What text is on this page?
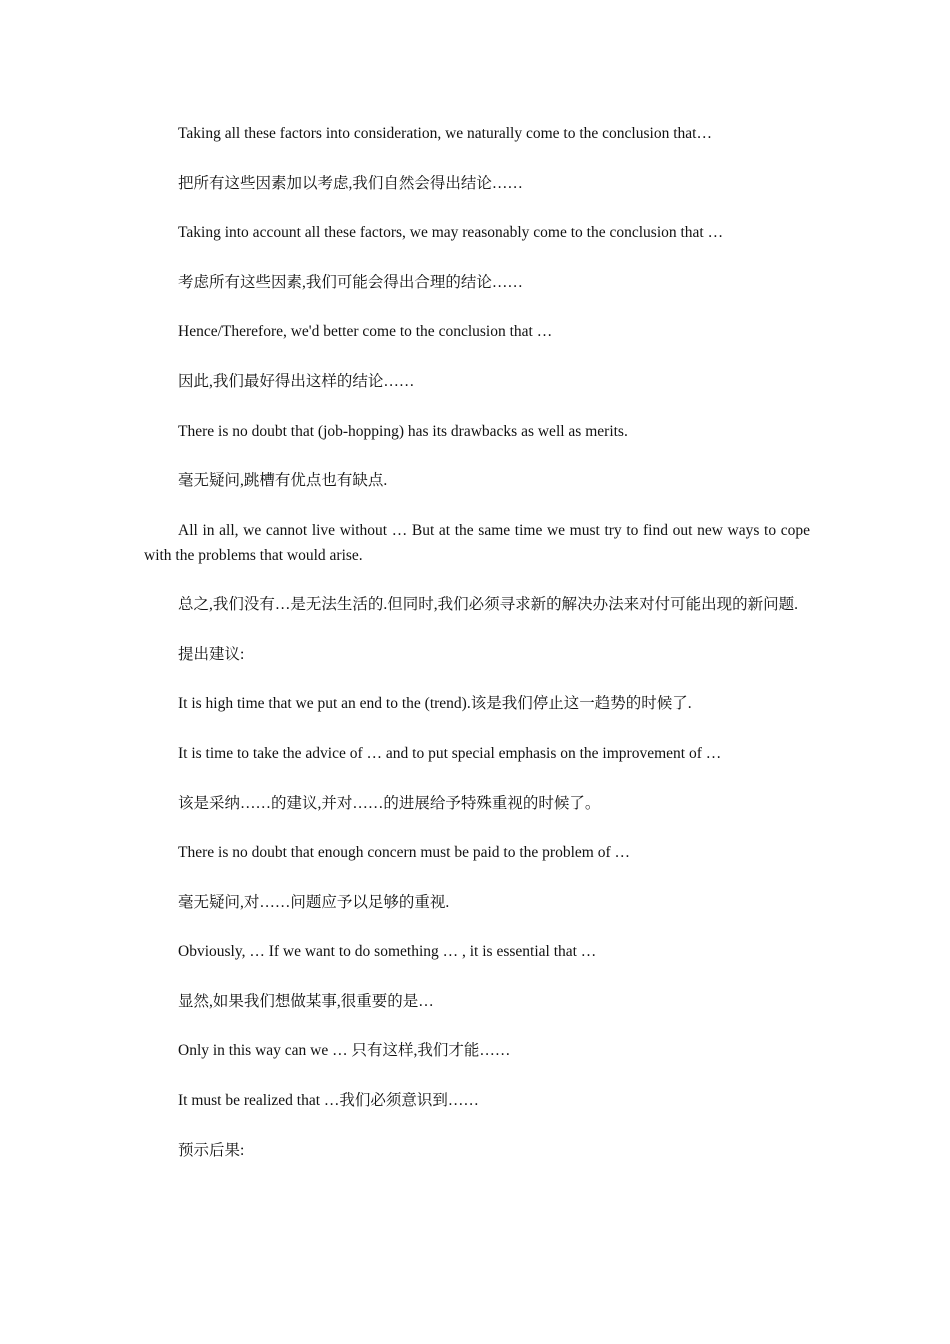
Taking all these factors into consideration, we naturally come to the conclusion that…

把所有这些因素加以考虑,我们自然会得出结论……

Taking into account all these factors, we may reasonably come to the conclusion that …

考虑所有这些因素,我们可能会得出合理的结论……

Hence/Therefore, we'd better come to the conclusion that …

因此,我们最好得出这样的结论……

There is no doubt that (job-hopping) has its drawbacks as well as merits.

毫无疑问,跳槽有优点也有缺点.

All in all, we cannot live without … But at the same time we must try to find out new ways to cope with the problems that would arise.

总之,我们没有…是无法生活的.但同时,我们必须寻求新的解决办法来对付可能出现的新问题.

提出建议:

It is high time that we put an end to the (trend).该是我们停止这一趋势的时候了.

It is time to take the advice of … and to put special emphasis on the improvement of …

该是采纳……的建议,并对……的进展给予特殊重视的时候了。

There is no doubt that enough concern must be paid to the problem of …

毫无疑问,对……问题应予以足够的重视.

Obviously, … If we want to do something … , it is essential that …

显然,如果我们想做某事,很重要的是…

Only in this way can we … 只有这样,我们才能……

It must be realized that …我们必须意识到……

预示后果:
